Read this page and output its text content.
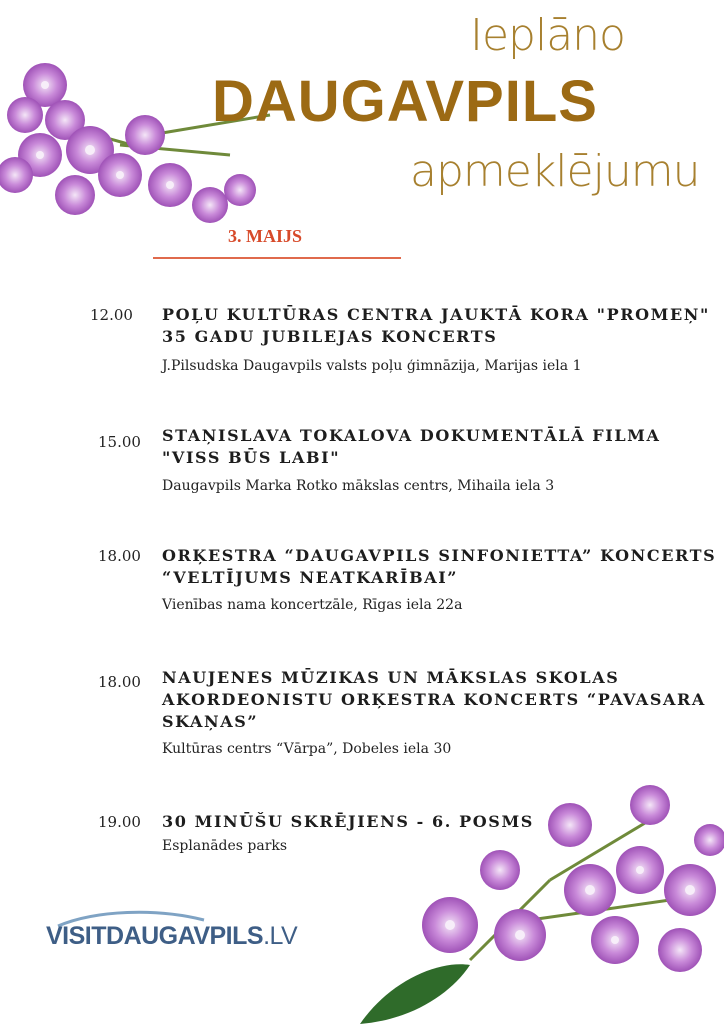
Ieplāno
DAUGAVPILS
apmeklējumu
3. MAIJS
12.00 POĻU KULTŪRAS CENTRA JAUKTĀ KORA "PROMEŅ"
35 GADU JUBILEJAS KONCERTS
J.Pilsudska Daugavpils valsts poļu ģimnāzija, Marijas iela 1
15.00 STAŅISLAVA TOKALOVA DOKUMENTĀLĀ FILMA
"VISS BŪS LABI"
Daugavpils Marka Rotko mākslas centrs, Mihaila iela 3
18.00 ORĶESTRA “DAUGAVPILS SINFONIETTA” KONCERTS
“VELTĪJUMS NEATKARĪBAI”
Vienības nama koncertzāle, Rīgas iela 22a
18.00 NAUJENES MŪZIKAS UN MĀKSLAS SKOLAS
AKORDEONISTU ORĶESTRA KONCERTS “PAVASARA
SKAŅAS”
Kultūras centrs “Vārpa”, Dobeles iela 30
19.00 30 MINŪŠU SKRĒJIENS - 6. POSMS
Esplanādes parks
VISITDAUGAVPILS.LV
